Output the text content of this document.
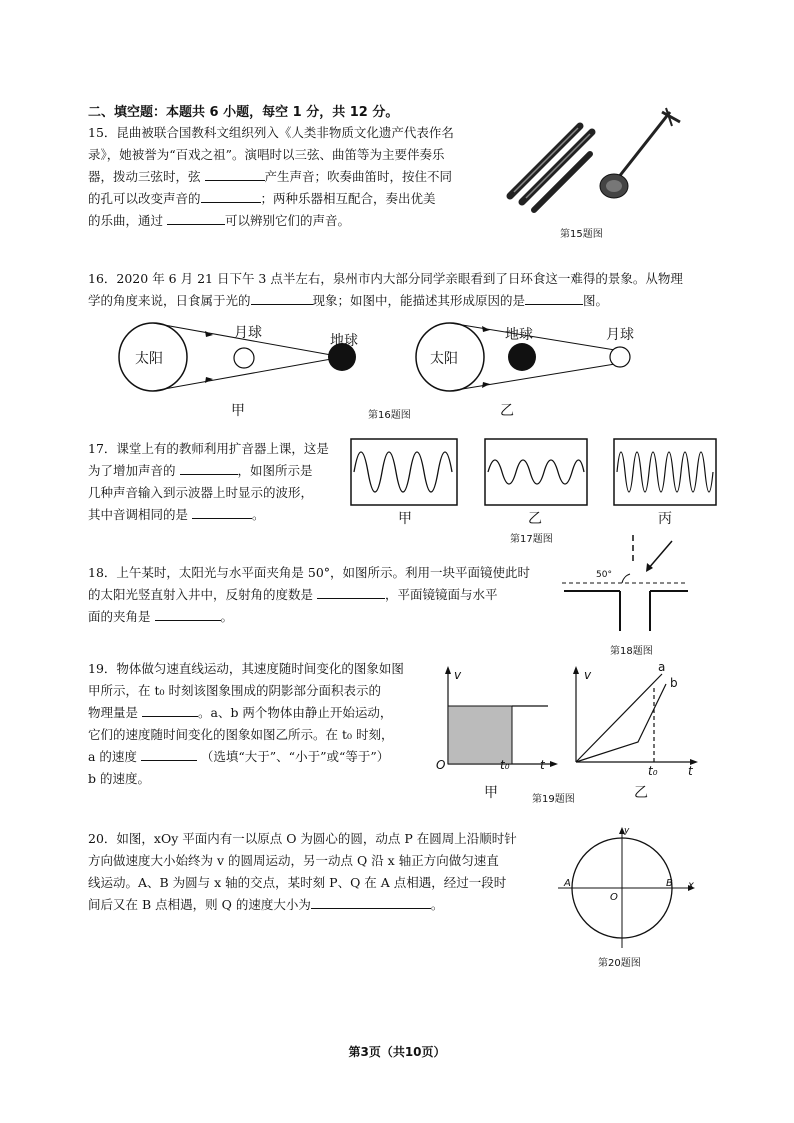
二、填空题：本题共 6 小题，每空 1 分，共 12 分。
15．昆曲被联合国教科文组织列入《人类非物质文化遗产代表作名
录》，她被誉为“百戏之祖”。演唱时以三弦、曲笛等为主要伴奏乐
器，拨动三弦时，弦	产生声音；吹奏曲笛时，按住不同
的孔可以改变声音的	；两种乐器相互配合，奏出优美
的乐曲，通过	可以辨别它们的声音。
第15题图
16．2020 年 6 月 21 日下午 3 点半左右，泉州市内大部分同学亲眼看到了日环食这一难得的景象。从物理
学的角度来说，日食属于光的	现象；如图中，能描述其形成原因的是	图。
太阳
月球	地球
甲
太阳
地球	月球
乙
第16题图
17．课堂上有的教师利用扩音器上课，这是
为了增加声音的	，如图所示是
几种声音输入到示波器上时显示的波形，
其中音调相同的是	。	甲	乙	丙
第17题图
18．上午某时，太阳光与水平面夹角是 50°，如图所示。利用一块平面镜使此时
的太阳光竖直射入井中，反射角的度数是	，平面镜镜面与水平
面的夹角是	。
50°
第18题图
19．物体做匀速直线运动，其速度随时间变化的图象如图
甲所示，在 t₀ 时刻该图象围成的阴影部分面积表示的
物理量是	。a、b 两个物体由静止开始运动，
它们的速度随时间变化的图象如图乙所示。在 t₀ 时刻，
a 的速度	（选填“大于”、“小于”或“等于”）
b 的速度。
v
O	t₀	t
甲
v
a
b
t₀	t
第19题图	乙
20．如图，xOy 平面内有一以原点 O 为圆心的圆，动点 P 在圆周上沿顺时针
方向做速度大小始终为 v 的圆周运动，另一动点 Q 沿 x 轴正方向做匀速直
线运动。A、B 为圆与 x 轴的交点，某时刻 P、Q 在 A 点相遇，经过一段时
间后又在 B 点相遇，则 Q 的速度大小为	。
A	B
O
x
y
第20题图
第3页（共10页）
